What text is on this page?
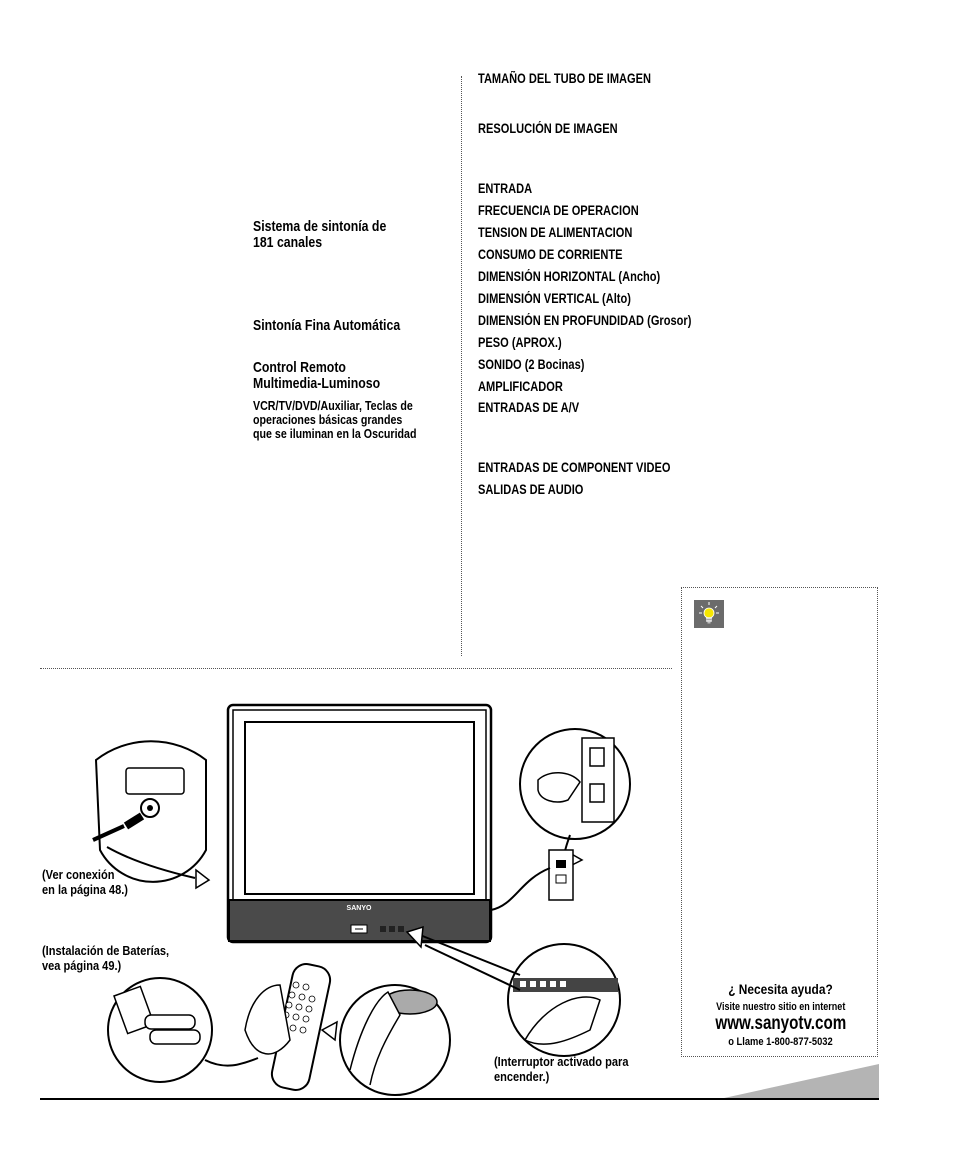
Sistema de sintonía de
181 canales
Sintonía Fina Automática
Control Remoto
Multimedia-Luminoso
VCR/TV/DVD/Auxiliar, Teclas de
operaciones básicas grandes
que se iluminan en la Oscuridad
TAMAÑO DEL TUBO DE IMAGEN
RESOLUCIÓN DE IMAGEN
ENTRADA
FRECUENCIA DE OPERACION
TENSION DE ALIMENTACION
CONSUMO DE CORRIENTE
DIMENSIÓN HORIZONTAL (Ancho)
DIMENSIÓN VERTICAL (Alto)
DIMENSIÓN EN PROFUNDIDAD (Grosor)
PESO (APROX.)
SONIDO (2 Bocinas)
AMPLIFICADOR
ENTRADAS DE A/V
ENTRADAS DE COMPONENT VIDEO
SALIDAS DE AUDIO
¿ Necesita ayuda?
Visite nuestro sitio en internet
www.sanyotv.com
o Llame 1-800-877-5032
SANYO
(Ver conexión
en la página 48.)
(Instalación de Baterías,
vea página 49.)
(Interruptor activado para
encender.)
